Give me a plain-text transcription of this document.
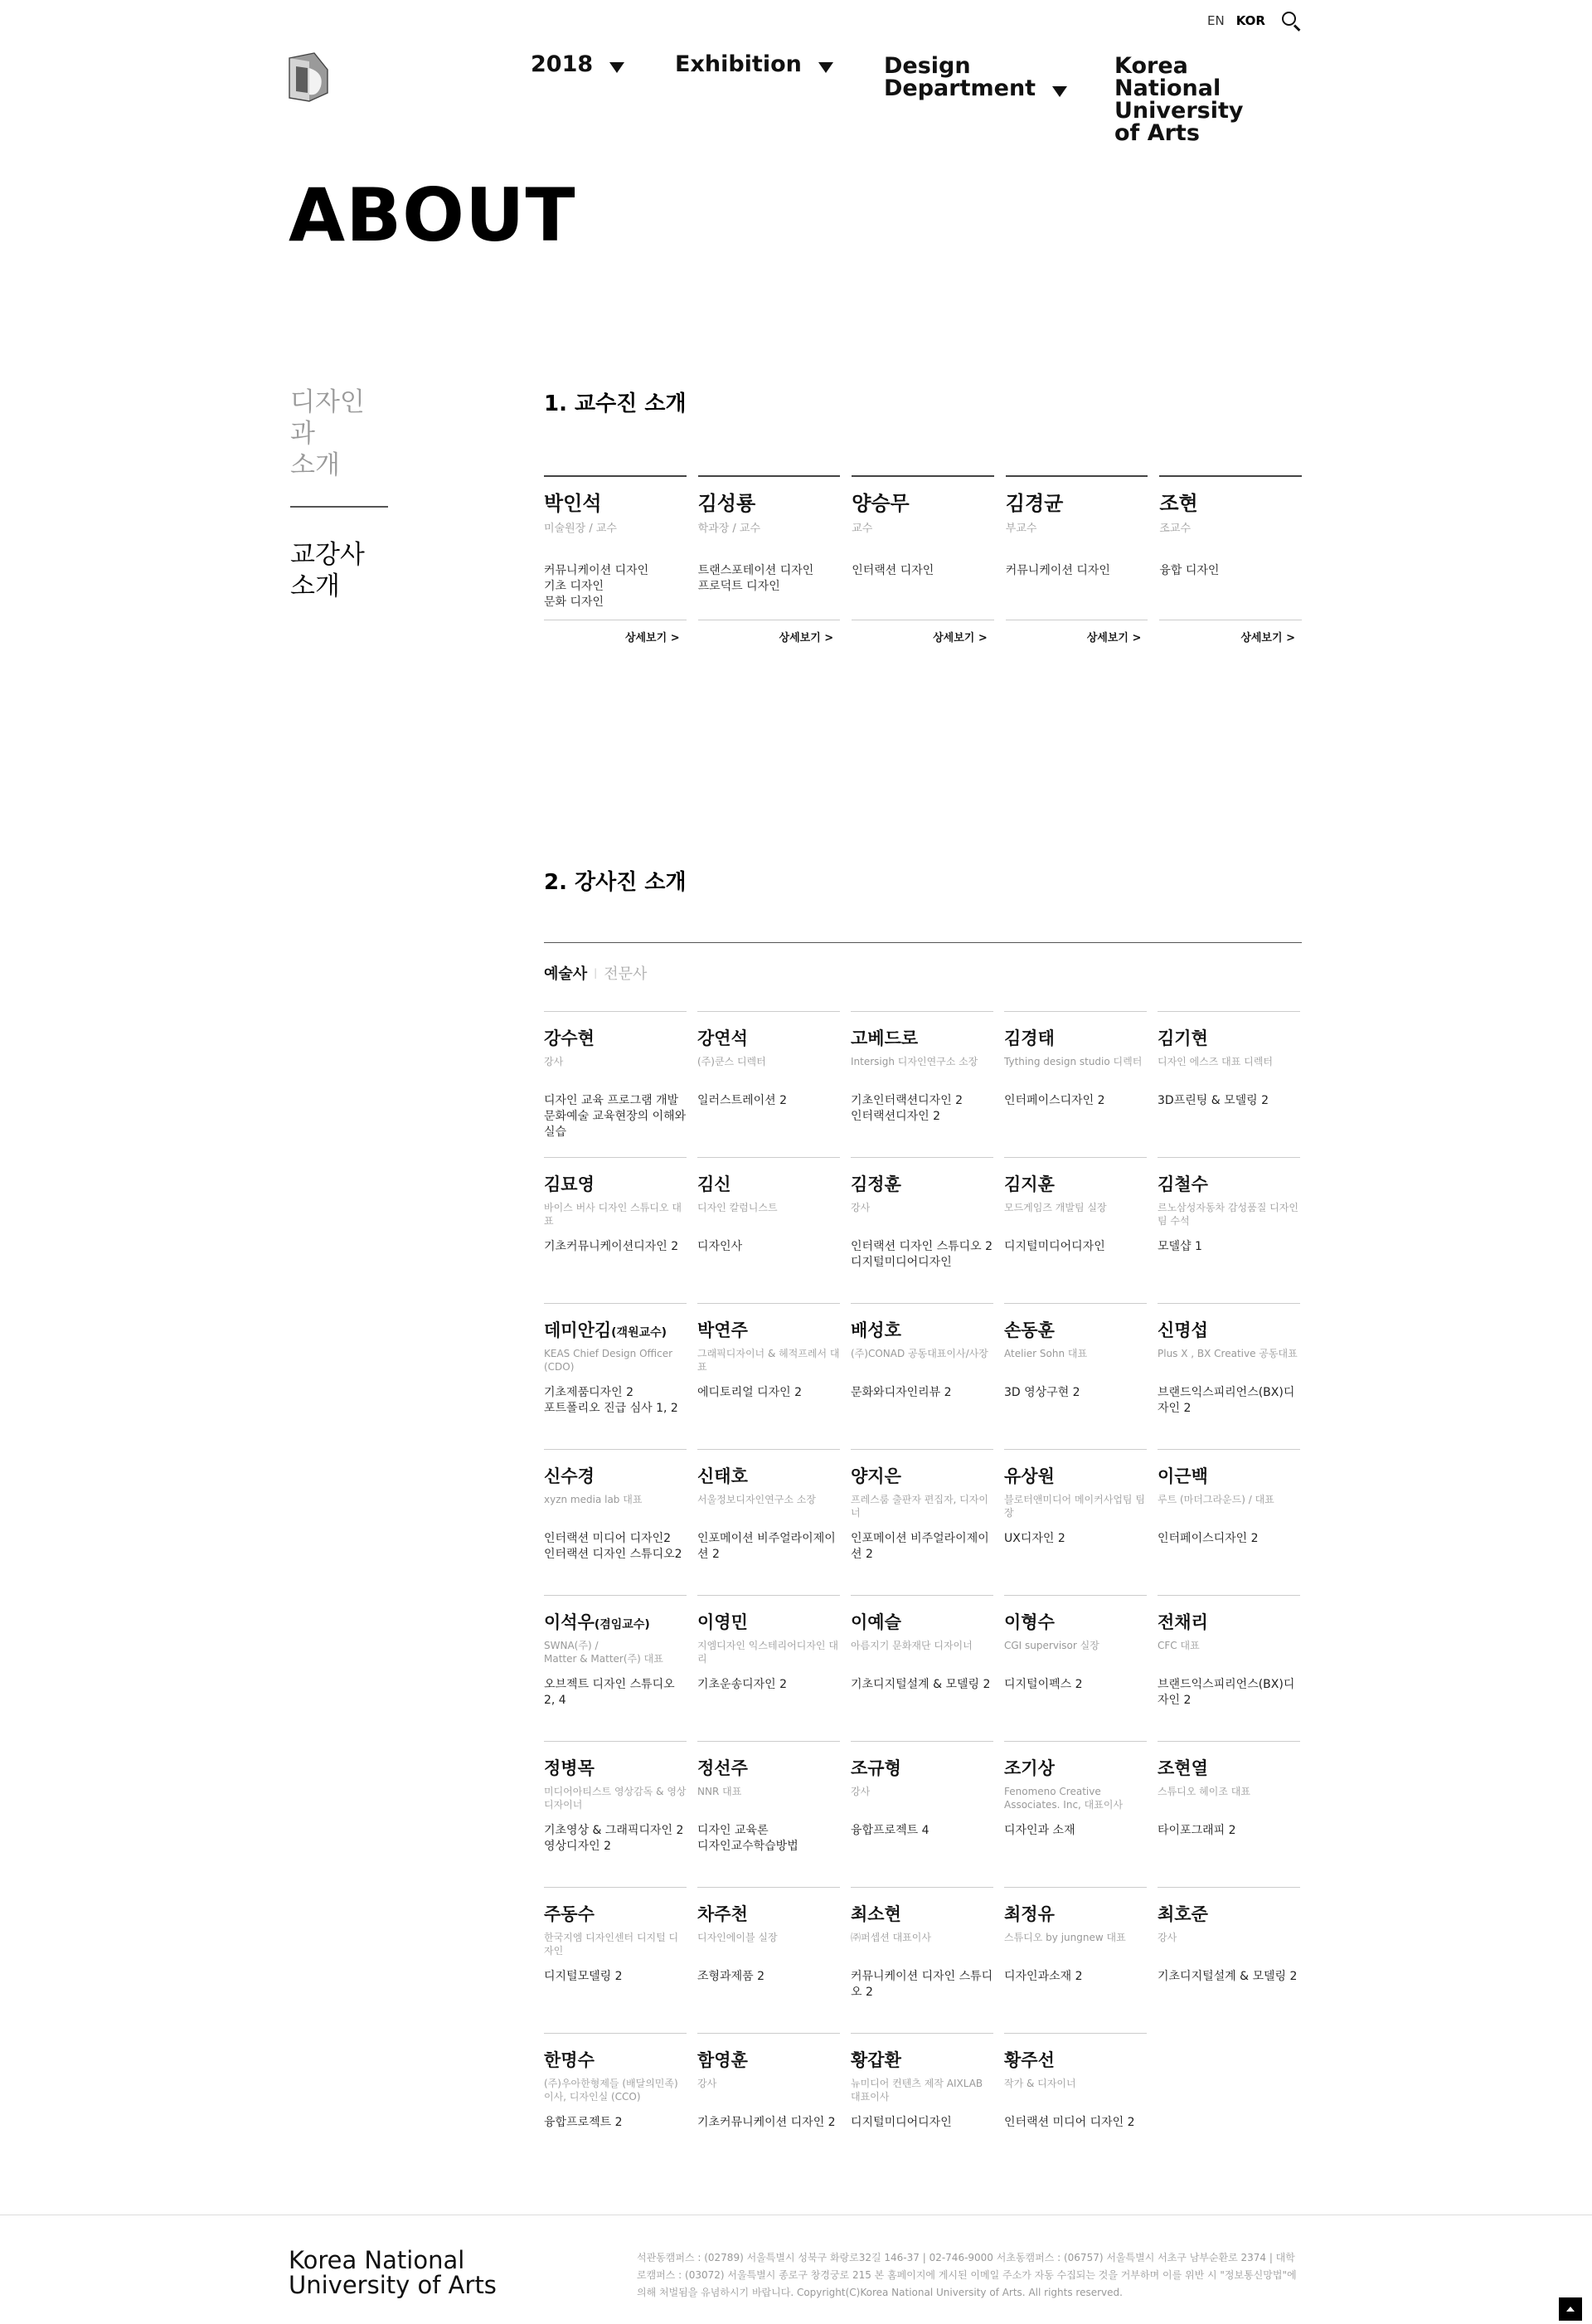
EN KOR
2018	Exhibition	Design
Department
Korea National
University of Arts
ABOUT
디자인과
소개
교강사
소개
1. 교수진 소개
박인석
미술원장 / 교수
커뮤니케이션 디자인
기초 디자인
문화 디자인
상세보기 >
김성룡
학과장 / 교수
트랜스포테이션 디자인
프로덕트 디자인
상세보기 >
양승무
교수
인터랙션 디자인
상세보기 >
김경균
부교수
커뮤니케이션 디자인
상세보기 >
조현
조교수
융합 디자인
상세보기 >
2. 강사진 소개
예술사 | 전문사
강수현
강사
디자인 교육 프로그램 개발
문화예술 교육현장의 이해와 실습
강연석
(주)쿤스 디렉터
일러스트레이션 2
고베드로
Intersigh 디자인연구소 소장
기초인터랙션디자인 2
인터랙션디자인 2
김경태
Tything design studio 디렉터
인터페이스디자인 2
김기현
디자인 에스즈 대표 디렉터
3D프린팅 & 모델링 2
김묘영
바이스 버사 디자인 스튜디오 대표
기초커뮤니케이션디자인 2
김신
디자인 칼럼니스트
디자인사
김정훈
강사
인터랙션 디자인 스튜디오 2
디지털미디어디자인
김지훈
모드게임즈 개발팀 실장
디지털미디어디자인
김철수
르노삼성자동차 감성품질 디자인팀 수석
모델샵 1
데미안김(객원교수)
KEAS Chief Design Officer (CDO)
기초제품디자인 2
포트폴리오 진급 심사 1, 2
박연주
그래픽디자이너 & 헤적프레서 대표
에디토리얼 디자인 2
배성호
(주)CONAD 공동대표이사/사장
문화와디자인리뷰 2
손동훈
Atelier Sohn 대표
3D 영상구현 2
신명섭
Plus X , BX Creative 공동대표
브랜드익스피리언스(BX)디자인 2
신수경
xyzn media lab 대표
인터랙션 미디어 디자인2
인터랙션 디자인 스튜디오2
신태호
서울정보디자인연구소 소장
인포메이션 비주얼라이제이션 2
양지은
프레스룸 출판자 편집자, 디자이너
인포메이션 비주얼라이제이션 2
유상원
블로터앤미디어 메이커사업팀 팀장
UX디자인 2
이근백
루트 (마더그라운드) / 대표
인터페이스디자인 2
이석우(겸임교수)
SWNA(주) /
Matter & Matter(주) 대표
오브젝트 디자인 스튜디오 2, 4
이영민
지엠디자인 익스테리어디자인 대리
기초운송디자인 2
이예슬
아름지기 문화재단 디자이너
기초디지털설계 & 모델링 2
이형수
CGI supervisor 실장
디지털이펙스 2
전채리
CFC 대표
브랜드익스피리언스(BX)디자인 2
정병목
미디어아티스트 영상감독 & 영상디자이너
기초영상 & 그래픽디자인 2
영상디자인 2
정선주
NNR 대표
디자인 교육론
디자인교수학습방법
조규형
강사
융합프로젝트 4
조기상
Fenomeno Creative Associates. Inc, 대표이사
디자인과 소재
조현열
스튜디오 헤이조 대표
타이포그래피 2
주동수
한국지엠 디자인센터 디지털 디자인
디지털모델링 2
차주천
디자인에이블 실장
조형과제품 2
최소현
㈜퍼셉션 대표이사
커뮤니케이션 디자인 스튜디오 2
최정유
스튜디오 by jungnew 대표
디자인과소재 2
최호준
강사
기초디지털설계 & 모델링 2
한명수
(주)우아한형제들 (배달의민족) 이사, 디자인실 (CCO)
융합프로젝트 2
함영훈
강사
기초커뮤니케이션 디자인 2
황갑환
뉴미디어 컨텐츠 제작 AIXLAB 대표이사
디지털미디어디자인
황주선
작가 & 디자이너
인터랙션 미디어 디자인 2
Korea National
University of Arts
석관동캠퍼스 : (02789) 서울특별시 성북구 화랑로32길 146-37 | 02-746-9000 서초동캠퍼스 : (06757) 서울특별시 서초구 남부순환로 2374 | 대학로캠퍼스 : (03072) 서울특별시 종로구 창경궁로 215 본 홈페이지에 게시된 이메일 주소가 자동 수집되는 것을 거부하며 이를 위반 시 "정보통신망법"에 의해 처벌됨을 유념하시기 바랍니다. Copyright(C)Korea National University of Arts. All rights reserved.
